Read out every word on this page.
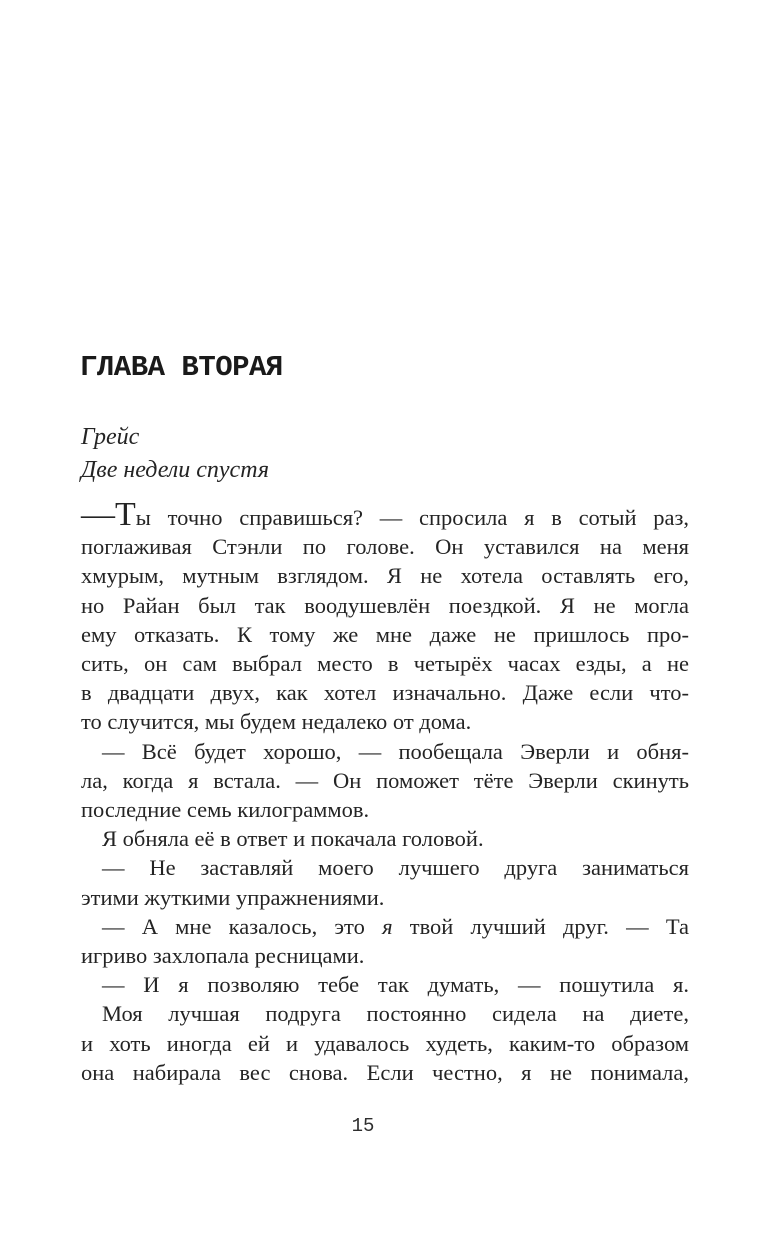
ГЛАВА ВТОРАЯ
Грейс
Две недели спустя
—Ты точно справишься? — спросила я в сотый раз,
поглаживая Стэнли по голове. Он уставился на меня
хмурым, мутным взглядом. Я не хотела оставлять его,
но Райан был так воодушевлён поездкой. Я не могла
ему отказать. К тому же мне даже не пришлось про-
сить, он сам выбрал место в четырёх часах езды, а не
в двадцати двух, как хотел изначально. Даже если что-
то случится, мы будем недалеко от дома.
— Всё будет хорошо, — пообещала Эверли и обня-
ла, когда я встала. — Он поможет тёте Эверли скинуть
последние семь килограммов.
Я обняла её в ответ и покачала головой.
— Не заставляй моего лучшего друга заниматься
этими жуткими упражнениями.
— А мне казалось, это я твой лучший друг. — Та
игриво захлопала ресницами.
— И я позволяю тебе так думать, — пошутила я.
Моя лучшая подруга постоянно сидела на диете,
и хоть иногда ей и удавалось худеть, каким-то образом
она набирала вес снова. Если честно, я не понимала,
15
